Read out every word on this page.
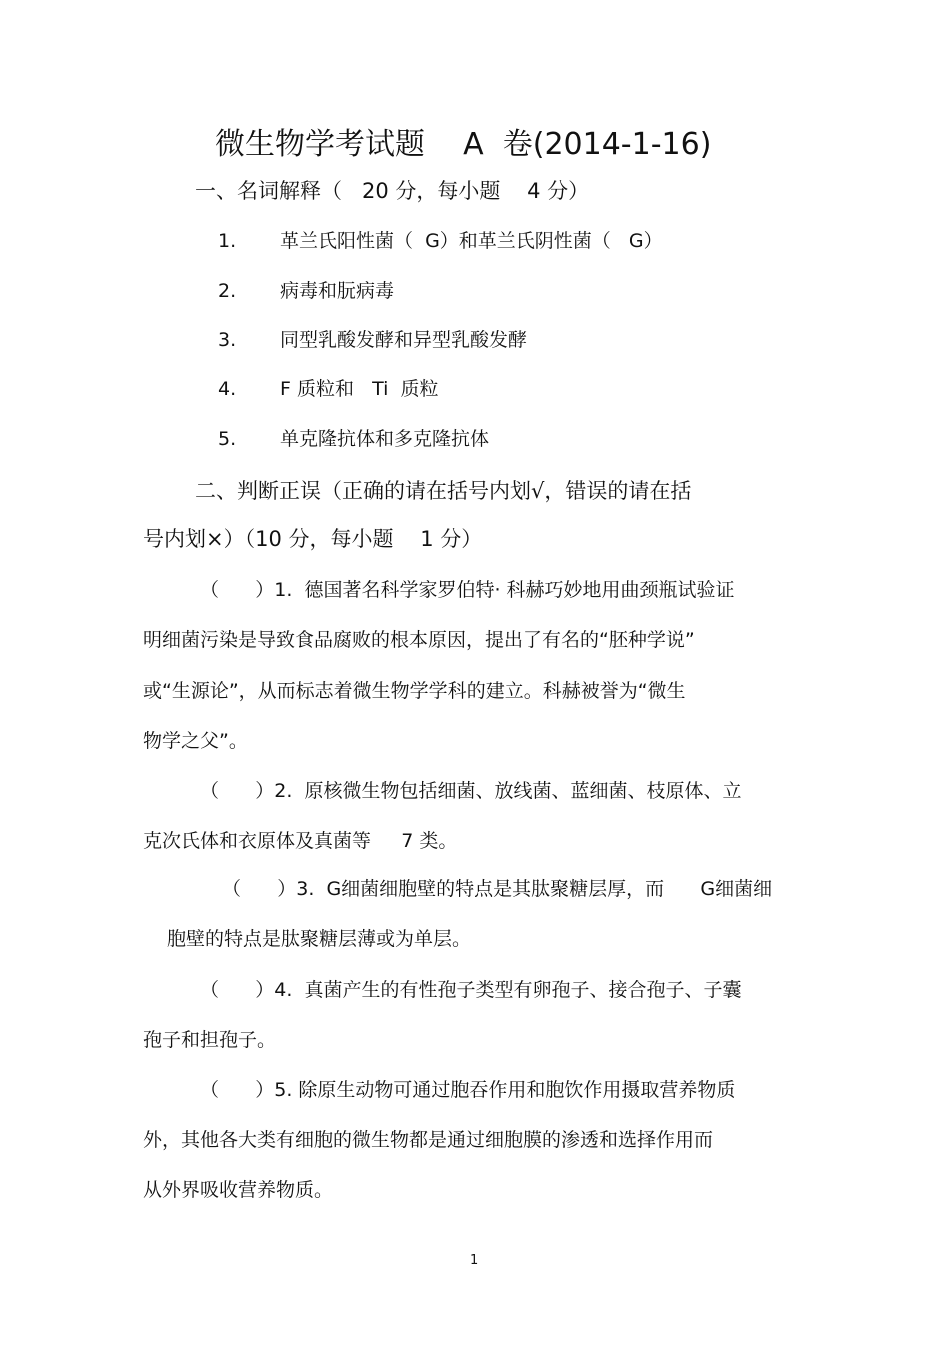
微生物学考试题    A  卷(2014-1-16)
一、名词解释（   20 分，每小题    4 分）
1. 革兰氏阳性菌（  G）和革兰氏阴性菌（   G）
2. 病毒和朊病毒
3. 同型乳酸发酵和异型乳酸发酵
4. F 质粒和   Ti  质粒
5. 单克隆抗体和多克隆抗体
二、判断正误（正确的请在括号内划√，错误的请在括
号内划×）（10 分，每小题    1 分）
（      ）1.  德国著名科学家罗伯特· 科赫巧妙地用曲颈瓶试验证
明细菌污染是导致食品腐败的根本原因，提出了有名的“胚种学说”
或“生源论”，从而标志着微生物学学科的建立。科赫被誉为“微生
物学之父”。
（      ）2.  原核微生物包括细菌、放线菌、蓝细菌、枝原体、立
克次氏体和衣原体及真菌等     7 类。
（      ）3.  G细菌细胞壁的特点是其肽聚糖层厚，而      G细菌细
胞壁的特点是肽聚糖层薄或为单层。
（      ）4.  真菌产生的有性孢子类型有卵孢子、接合孢子、子囊
孢子和担孢子。
（      ）5. 除原生动物可通过胞吞作用和胞饮作用摄取营养物质
外，其他各大类有细胞的微生物都是通过细胞膜的渗透和选择作用而
从外界吸收营养物质。
1
